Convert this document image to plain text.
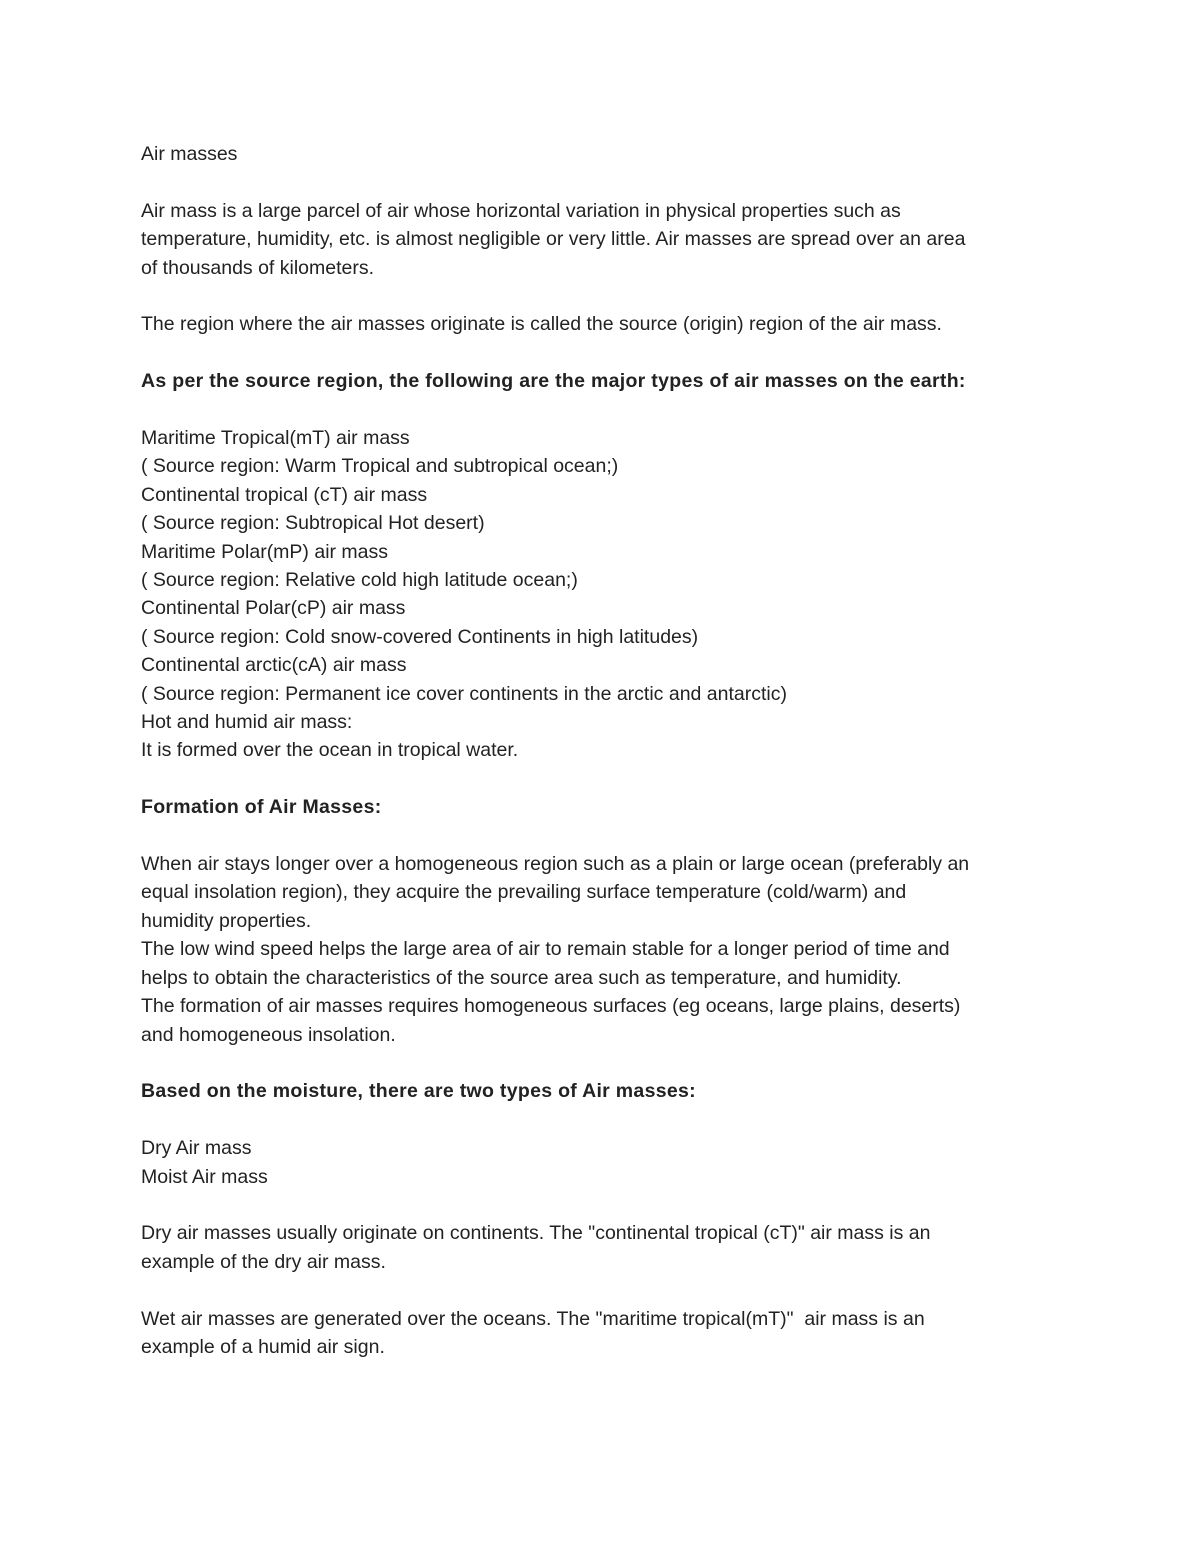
Air masses
Air mass is a large parcel of air whose horizontal variation in physical properties such as
temperature, humidity, etc. is almost negligible or very little. Air masses are spread over an area
of thousands of kilometers.
The region where the air masses originate is called the source (origin) region of the air mass.
As per the source region, the following are the major types of air masses on the earth:
Maritime Tropical(mT) air mass
( Source region: Warm Tropical and subtropical ocean;)
Continental tropical (cT) air mass
( Source region: Subtropical Hot desert)
Maritime Polar(mP) air mass
( Source region: Relative cold high latitude ocean;)
Continental Polar(cP) air mass
( Source region: Cold snow-covered Continents in high latitudes)
Continental arctic(cA) air mass
( Source region: Permanent ice cover continents in the arctic and antarctic)
Hot and humid air mass:
It is formed over the ocean in tropical water.
Formation of Air Masses:
When air stays longer over a homogeneous region such as a plain or large ocean (preferably an
equal insolation region), they acquire the prevailing surface temperature (cold/warm) and
humidity properties.
The low wind speed helps the large area of air to remain stable for a longer period of time and
helps to obtain the characteristics of the source area such as temperature, and humidity.
The formation of air masses requires homogeneous surfaces (eg oceans, large plains, deserts)
and homogeneous insolation.
Based on the moisture, there are two types of Air masses:
Dry Air mass
Moist Air mass
Dry air masses usually originate on continents. The "continental tropical (cT)" air mass is an
example of the dry air mass.
Wet air masses are generated over the oceans. The "maritime tropical(mT)"  air mass is an
example of a humid air sign.
